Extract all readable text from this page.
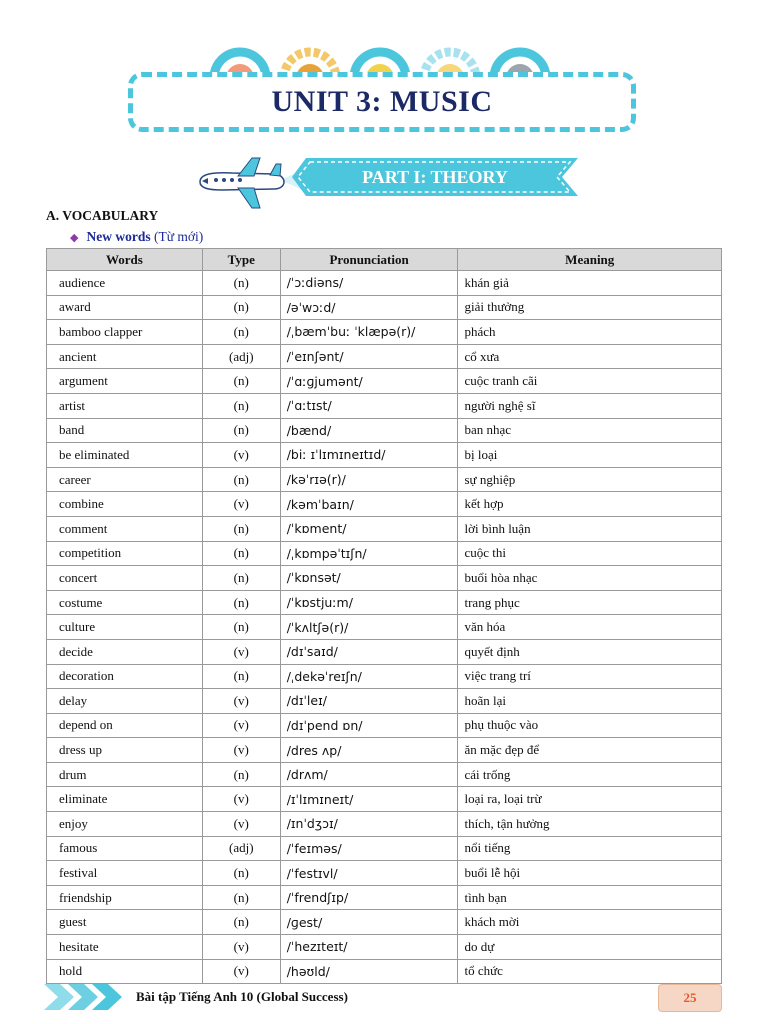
UNIT 3: MUSIC
PART I: THEORY
A. VOCABULARY
◆ New words (Từ mới)
Words	Type	Pronunciation	Meaning
audience	(n)	/ˈɔːdiəns/	khán giả
award	(n)	/əˈwɔːd/	giải thưởng
bamboo clapper	(n)	/ˌbæmˈbuː ˈklæpə(r)/	phách
ancient	(adj)	/ˈeɪnʃənt/	cổ xưa
argument	(n)	/ˈɑːɡjumənt/	cuộc tranh cãi
artist	(n)	/ˈɑːtɪst/	người nghệ sĩ
band	(n)	/bænd/	ban nhạc
be eliminated	(v)	/biː ɪˈlɪmɪneɪtɪd/	bị loại
career	(n)	/kəˈrɪə(r)/	sự nghiệp
combine	(v)	/kəmˈbaɪn/	kết hợp
comment	(n)	/ˈkɒment/	lời bình luận
competition	(n)	/ˌkɒmpəˈtɪʃn/	cuộc thi
concert	(n)	/ˈkɒnsət/	buổi hòa nhạc
costume	(n)	/ˈkɒstjuːm/	trang phục
culture	(n)	/ˈkʌltʃə(r)/	văn hóa
decide	(v)	/dɪˈsaɪd/	quyết định
decoration	(n)	/ˌdekəˈreɪʃn/	việc trang trí
delay	(v)	/dɪˈleɪ/	hoãn lại
depend on	(v)	/dɪˈpend ɒn/	phụ thuộc vào
dress up	(v)	/dres ʌp/	ăn mặc đẹp để
drum	(n)	/drʌm/	cái trống
eliminate	(v)	/ɪˈlɪmɪneɪt/	loại ra, loại trừ
enjoy	(v)	/ɪnˈdʒɔɪ/	thích, tận hưởng
famous	(adj)	/ˈfeɪməs/	nổi tiếng
festival	(n)	/ˈfestɪvl/	buổi lễ hội
friendship	(n)	/ˈfrendʃɪp/	tình bạn
guest	(n)	/ɡest/	khách mời
hesitate	(v)	/ˈhezɪteɪt/	do dự
hold	(v)	/həʊld/	tổ chức
Bài tập Tiếng Anh 10 (Global Success)	25
